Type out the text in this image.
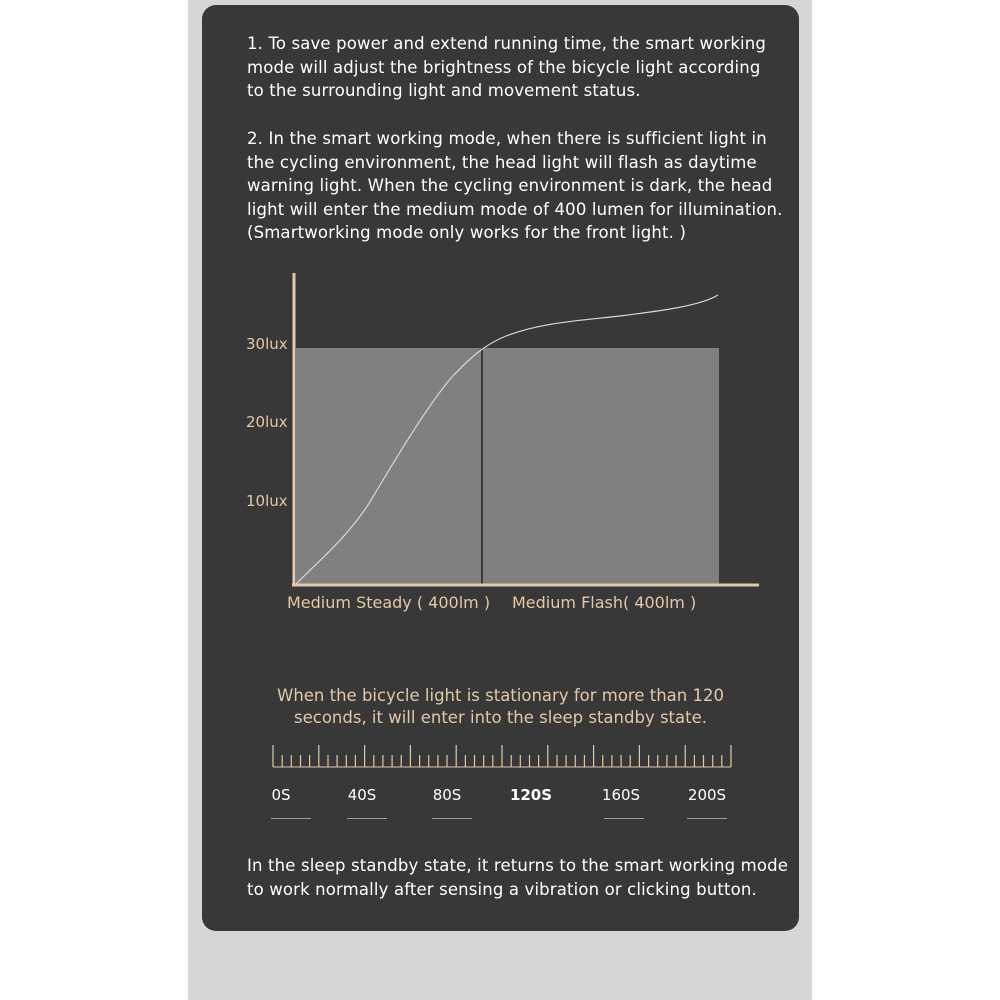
1. To save power and extend running time, the smart working
mode will adjust the brightness of the bicycle light according
to the surrounding light and movement status.

2. In the smart working mode, when there is sufficient light in
the cycling environment, the head light will flash as daytime
warning light. When the cycling environment is dark, the head
light will enter the medium mode of 400 lumen for illumination.
(Smartworking mode only works for the front light. )

30lux
20lux
10lux
Medium Steady ( 400lm ) Medium Flash( 400lm )

When the bicycle light is stationary for more than 120
seconds, it will enter into the sleep standby state.

0S	40S	80S	120S	160S	200S

In the sleep standby state, it returns to the smart working mode
to work normally after sensing a vibration or clicking button.
